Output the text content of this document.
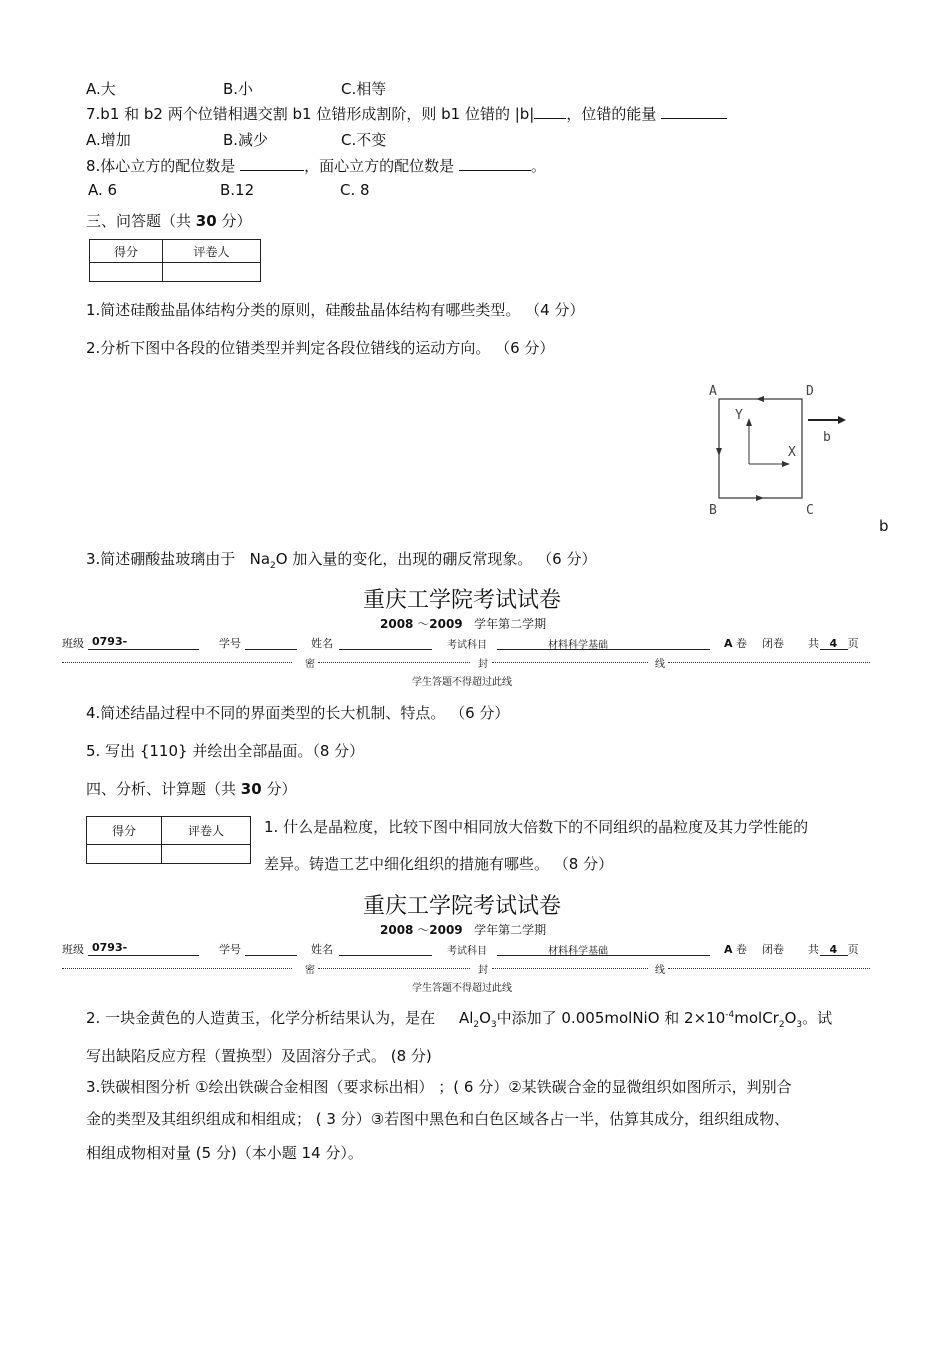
A.大	B.小	C.相等
7.b1 和 b2 两个位错相遇交割 b1 位错形成割阶，则 b1 位错的 |b| ，位错的能量
A.增加	B.减少	C.不变
8.体心立方的配位数是	，面心立方的配位数是	。
A. 6	B.12	C. 8
三、问答题（共 30 分）
得分	评卷人

1.简述硅酸盐晶体结构分类的原则，硅酸盐晶体结构有哪些类型。 （4 分）
2.分析下图中各段的位错类型并判定各段位错线的运动方向。 （6 分）
A	D
B	C
Y
X
b
b
3.简述硼酸盐玻璃由于 $Na_2O$ 加入量的变化，出现的硼反常现象。 （6 分）
重庆工学院考试试卷
2008 ～2009 学年第二学期
班级 0793-	学号	姓名	考试科目	材料科学基础	A 卷 闭卷 共 4 页
密	封	线
学生答题不得超过此线
4.简述结晶过程中不同的界面类型的长大机制、特点。 （6 分）
5. 写出 {110} 并绘出全部晶面。（8 分）
四、分析、计算题（共 30 分）
得分	评卷人
		1. 什么是晶粒度，比较下图中相同放大倍数下的不同组织的晶粒度及其力学性能的
差异。铸造工艺中细化组织的措施有哪些。 （8 分）
重庆工学院考试试卷
2008 ～2009 学年第二学期
班级 0793-	学号	姓名	考试科目	材料科学基础	A 卷 闭卷 共 4 页
密	封	线
学生答题不得超过此线
2. 一块金黄色的人造黄玉，化学分析结果认为，是在 $Al_2O_3$中添加了 0.005molNiO 和 $2\times 10^{-4}molCr_2O_3$。试
写出缺陷反应方程（置换型）及固溶分子式。 (8 分)
3.铁碳相图分析 ①绘出铁碳合金相图（要求标出相） ；( 6 分）②某铁碳合金的显微组织如图所示，判别合
金的类型及其组织组成和相组成； ( 3 分）③若图中黑色和白色区域各占一半，估算其成分，组织组成物、
相组成物相对量 (5 分)（本小题 14 分）。
